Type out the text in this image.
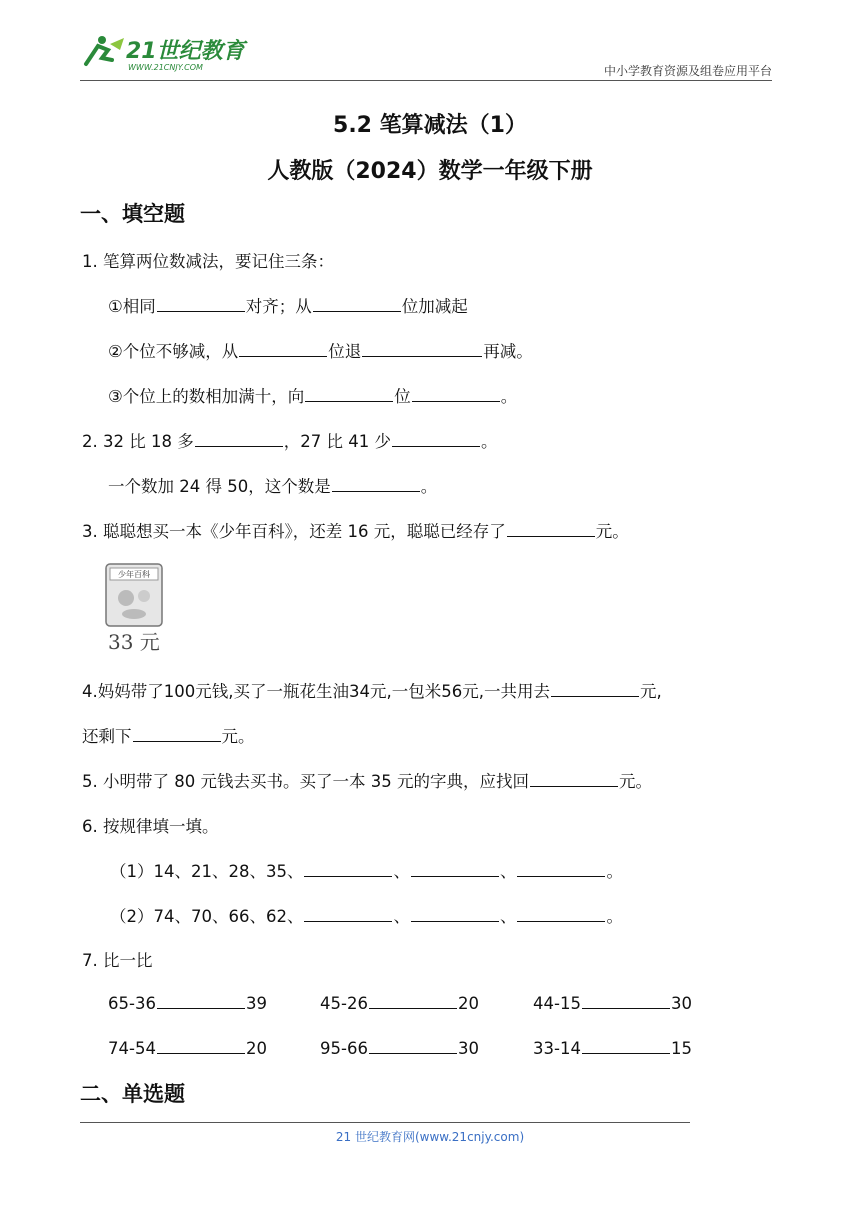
21世纪教育
WWW.21CNJY.COM	中小学教育资源及组卷应用平台
5.2 笔算减法（1）
人教版（2024）数学一年级下册
一、填空题
1. 笔算两位数减法，要记住三条：
①相同	对齐；从	位加减起
②个位不够减，从	位退	再减。
③个位上的数相加满十，向	位	。
2. 32 比 18 多	，27 比 41 少	。
一个数加 24 得 50，这个数是	。
3. 聪聪想买一本《少年百科》，还差 16 元，聪聪已经存了	元。
少年百科
33 元
4.妈妈带了100元钱,买了一瓶花生油34元,一包米56元,一共用去	元,
还剩下	元。
5. 小明带了 80 元钱去买书。买了一本 35 元的字典，应找回	元。
6. 按规律填一填。
（1）14、21、28、35、	、	、	。
（2）74、70、66、62、	、	、	。
7. 比一比
65-36	39	45-26	20	44-15	30
74-54	20	95-66	30	33-14	15
二、单选题
21 世纪教育网(www.21cnjy.com)
